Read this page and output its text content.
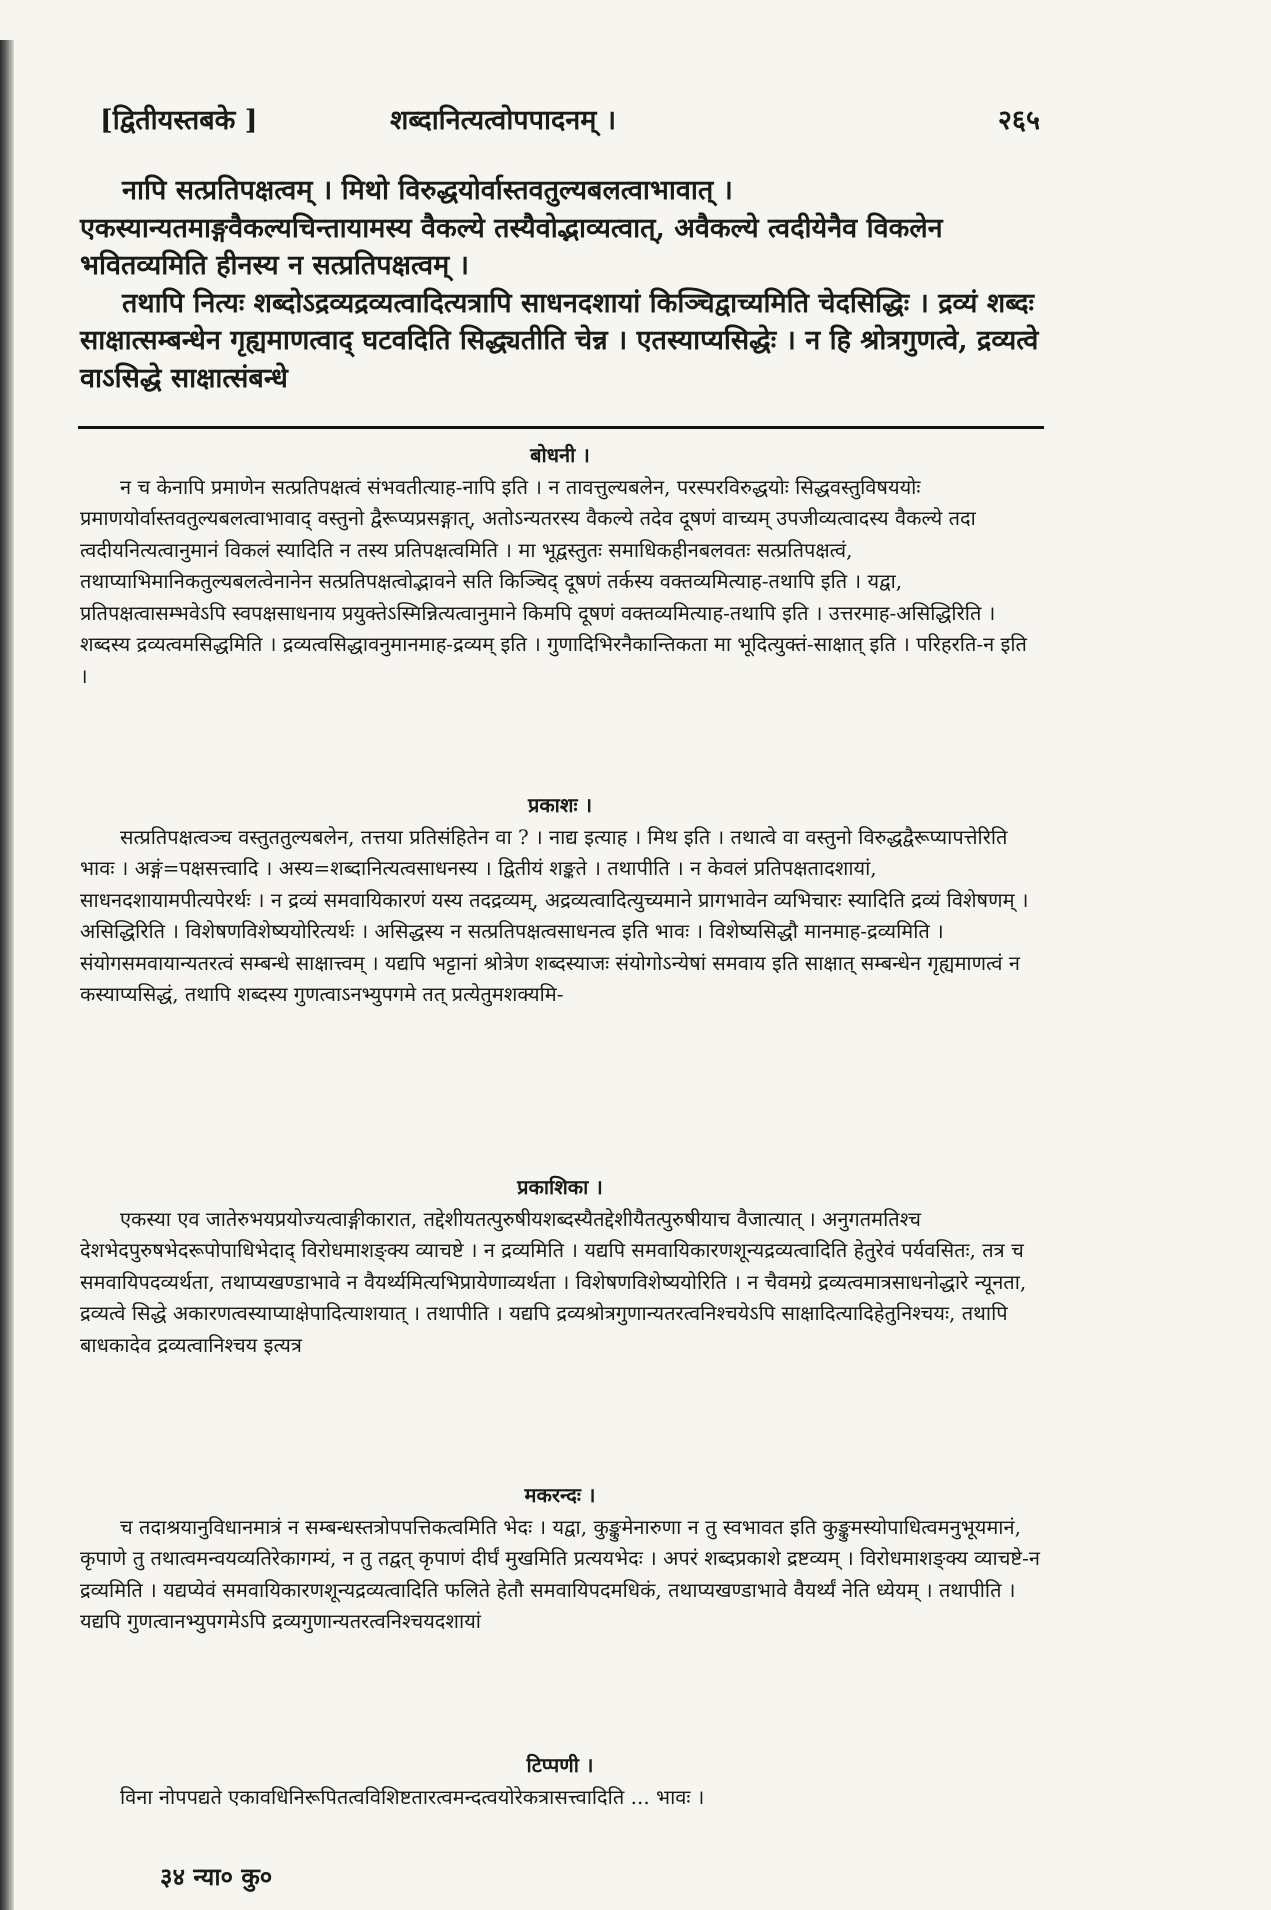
[द्वितीयस्तबके ]	शब्दानित्यत्वोपपादनम् ।	२६५

नापि सत्प्रतिपक्षत्वम् । मिथो विरुद्धयोर्वास्तवतुल्यबलत्वाभावात् । एकस्यान्यतमाङ्गवैकल्यचिन्तायामस्य वैकल्ये तस्यैवोद्भाव्यत्वात्, अवैकल्ये त्वदीयेनैव विकलेन भवितव्यमिति हीनस्य न सत्प्रतिपक्षत्वम् ।

तथापि नित्यः शब्दोऽद्रव्यद्रव्यत्वादित्यत्रापि साधनदशायां किञ्चिद्वाच्यमिति चेदसिद्धिः । द्रव्यं शब्दः साक्षात्सम्बन्धेन गृह्यमाणत्वाद् घटवदिति सिद्ध्यतीति चेन्न । एतस्याप्यसिद्धेः । न हि श्रोत्रगुणत्वे, द्रव्यत्वे वाऽसिद्धे साक्षात्संबन्धे

बोधनी ।

न च केनापि प्रमाणेन सत्प्रतिपक्षत्वं संभवतीत्याह-नापि इति । न तावत्तुल्यबलेन, परस्परविरुद्धयोः सिद्धवस्तुविषययोः प्रमाणयोर्वास्तवतुल्यबलत्वाभावाद् वस्तुनो द्वैरूप्यप्रसङ्गात्, अतोऽन्यतरस्य वैकल्ये तदेव दूषणं वाच्यम् उपजीव्यत्वादस्य वैकल्ये तदा त्वदीयनित्यत्वानुमानं विकलं स्यादिति न तस्य प्रतिपक्षत्वमिति । मा भूद्वस्तुतः समाधिकहीनबलवतः सत्प्रतिपक्षत्वं, तथाप्याभिमानिकतुल्यबलत्वेनानेन सत्प्रतिपक्षत्वोद्भावने सति किञ्चिद् दूषणं तर्कस्य वक्तव्यमित्याह-तथापि इति । यद्वा, प्रतिपक्षत्वासम्भवेऽपि स्वपक्षसाधनाय प्रयुक्तेऽस्मिन्नित्यत्वानुमाने किमपि दूषणं वक्तव्यमित्याह-तथापि इति । उत्तरमाह-असिद्धिरिति । शब्दस्य द्रव्यत्वमसिद्धमिति । द्रव्यत्वसिद्धावनुमानमाह-द्रव्यम् इति । गुणादिभिरनैकान्तिकता मा भूदित्युक्तं-साक्षात् इति । परिहरति-न इति ।

प्रकाशः ।

सत्प्रतिपक्षत्वञ्च वस्तुततुल्यबलेन, तत्तया प्रतिसंहितेन वा ? । नाद्य इत्याह । मिथ इति । तथात्वे वा वस्तुनो विरुद्धद्वैरूप्यापत्तेरिति भावः । अङ्गं=पक्षसत्त्वादि । अस्य=शब्दानित्यत्वसाधनस्य । द्वितीयं शङ्कते । तथापीति । न केवलं प्रतिपक्षतादशायां, साधनदशायामपीत्यपेरर्थः । न द्रव्यं समवायिकारणं यस्य तदद्रव्यम्, अद्रव्यत्वादित्युच्यमाने प्रागभावेन व्यभिचारः स्यादिति द्रव्यं विशेषणम् । असिद्धिरिति । विशेषणविशेष्ययोरित्यर्थः । असिद्धस्य न सत्प्रतिपक्षत्वसाधनत्व इति भावः । विशेष्यसिद्धौ मानमाह-द्रव्यमिति । संयोगसमवायान्यतरत्वं सम्बन्धे साक्षात्त्वम् । यद्यपि भट्टानां श्रोत्रेण शब्दस्याजः संयोगोऽन्येषां समवाय इति साक्षात् सम्बन्धेन गृह्यमाणत्वं न कस्याप्यसिद्धं, तथापि शब्दस्य गुणत्वाऽनभ्युपगमे तत् प्रत्येतुमशक्यमि-

प्रकाशिका ।

एकस्या एव जातेरुभयप्रयोज्यत्वाङ्गीकारात, तद्देशीयतत्पुरुषीयशब्दस्यैतद्देशीयैतत्पुरुषीयाच वैजात्यात् । अनुगतमतिश्च देशभेदपुरुषभेदरूपोपाधिभेदाद् विरोधमाशङ्क्य व्याचष्टे । न द्रव्यमिति । यद्यपि समवायिकारणशून्यद्रव्यत्वादिति हेतुरेवं पर्यवसितः, तत्र च समवायिपदव्यर्थता, तथाप्यखण्डाभावे न वैयर्थ्यमित्यभिप्रायेणाव्यर्थता । विशेषणविशेष्ययोरिति । न चैवमग्रे द्रव्यत्वमात्रसाधनोद्धारे न्यूनता, द्रव्यत्वे सिद्धे अकारणत्वस्याप्याक्षेपादित्याशयात् । तथापीति । यद्यपि द्रव्यश्रोत्रगुणान्यतरत्वनिश्चयेऽपि साक्षादित्यादिहेतुनिश्चयः, तथापि बाधकादेव द्रव्यत्वानिश्चय इत्यत्र

मकरन्दः ।

च तदाश्रयानुविधानमात्रं न सम्बन्धस्तत्रोपपत्तिकत्वमिति भेदः । यद्वा, कुङ्कुमेनारुणा न तु स्वभावत इति कुङ्कुमस्योपाधित्वमनुभूयमानं, कृपाणे तु तथात्वमन्वयव्यतिरेकागम्यं, न तु तद्वत् कृपाणं दीर्घं मुखमिति प्रत्ययभेदः । अपरं शब्दप्रकाशे द्रष्टव्यम् । विरोधमाशङ्क्य व्याचष्टे-न द्रव्यमिति । यद्यप्येवं समवायिकारणशून्यद्रव्यत्वादिति फलिते हेतौ समवायिपदमधिकं, तथाप्यखण्डाभावे वैयर्थ्यं नेति ध्येयम् । तथापीति । यद्यपि गुणत्वानभ्युपगमेऽपि द्रव्यगुणान्यतरत्वनिश्चयदशायां

टिप्पणी ।

विना नोपपद्यते एकावधिनिरूपितत्वविशिष्टतारत्वमन्दत्वयोरेकत्रासत्त्वादिति ... भावः ।

३४ न्या० कु०
